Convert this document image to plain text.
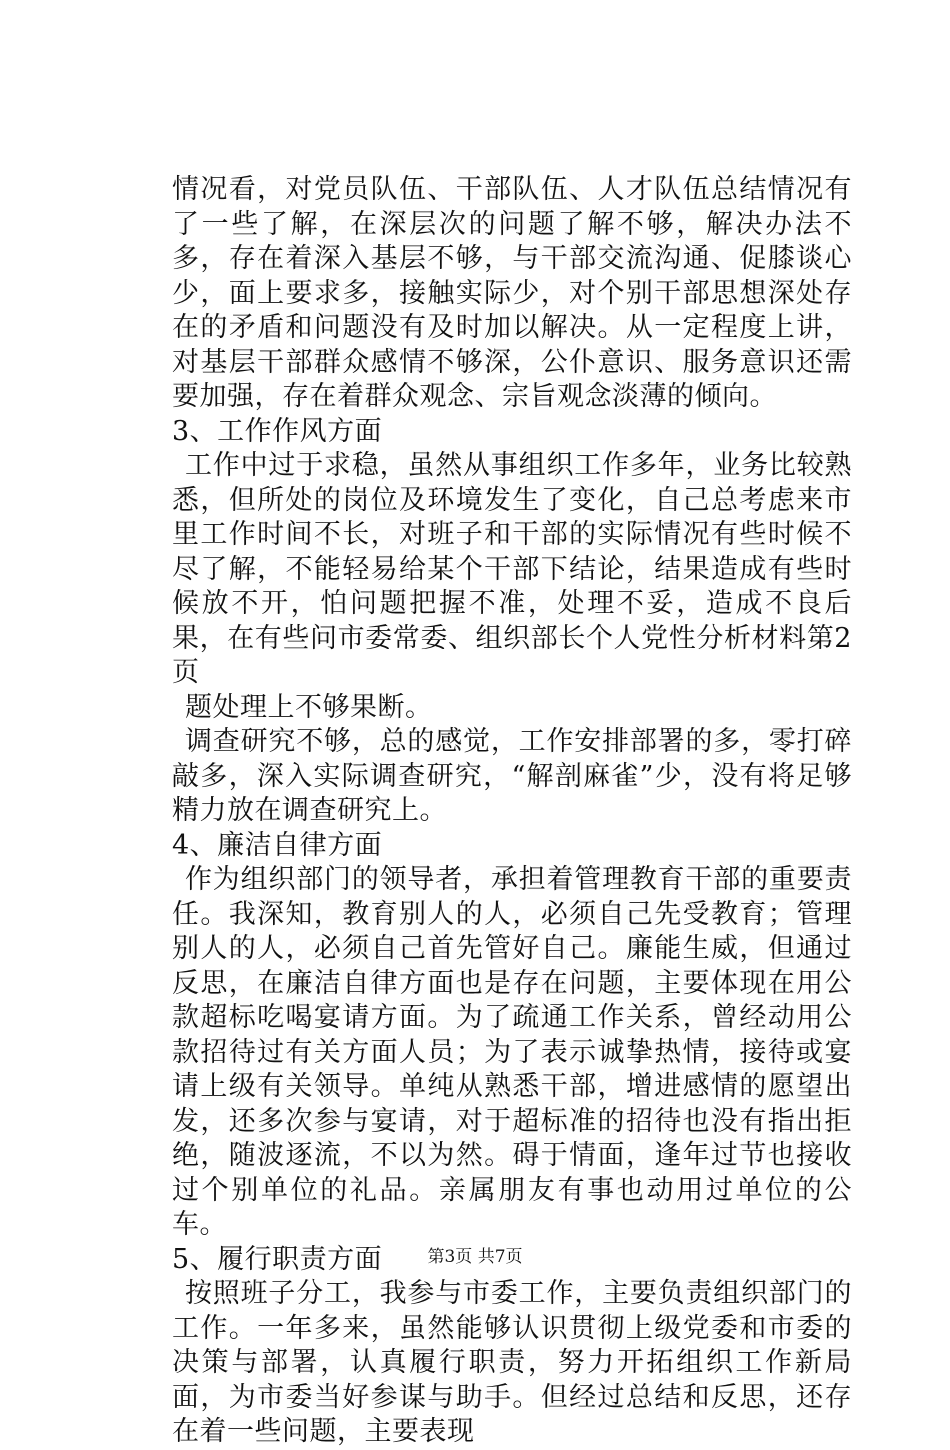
情况看，对党员队伍、干部队伍、人才队伍总结情况有了一些了解，在深层次的问题了解不够，解决办法不多，存在着深入基层不够，与干部交流沟通、促膝谈心少，面上要求多，接触实际少，对个别干部思想深处存在的矛盾和问题没有及时加以解决。从一定程度上讲，对基层干部群众感情不够深，公仆意识、服务意识还需要加强，存在着群众观念、宗旨观念淡薄的倾向。

3、工作作风方面

工作中过于求稳，虽然从事组织工作多年，业务比较熟悉，但所处的岗位及环境发生了变化，自己总考虑来市里工作时间不长，对班子和干部的实际情况有些时候不尽了解，不能轻易给某个干部下结论，结果造成有些时候放不开，怕问题把握不准，处理不妥，造成不良后果，在有些问市委常委、组织部长个人党性分析材料第2页

题处理上不够果断。

调查研究不够，总的感觉，工作安排部署的多，零打碎敲多，深入实际调查研究，“解剖麻雀”少，没有将足够精力放在调查研究上。

4、廉洁自律方面

作为组织部门的领导者，承担着管理教育干部的重要责任。我深知，教育别人的人，必须自己先受教育；管理别人的人，必须自己首先管好自己。廉能生威，但通过反思，在廉洁自律方面也是存在问题，主要体现在用公款超标吃喝宴请方面。为了疏通工作关系，曾经动用公款招待过有关方面人员；为了表示诚挚热情，接待或宴请上级有关领导。单纯从熟悉干部，增进感情的愿望出发，还多次参与宴请，对于超标准的招待也没有指出拒绝，随波逐流，不以为然。碍于情面，逢年过节也接收过个别单位的礼品。亲属朋友有事也动用过单位的公车。

5、履行职责方面

按照班子分工，我参与市委工作，主要负责组织部门的工作。一年多来，虽然能够认识贯彻上级党委和市委的决策与部署，认真履行职责，努力开拓组织工作新局面，为市委当好参谋与助手。但经过总结和反思，还存在着一些问题，主要表现

第3页 共7页
